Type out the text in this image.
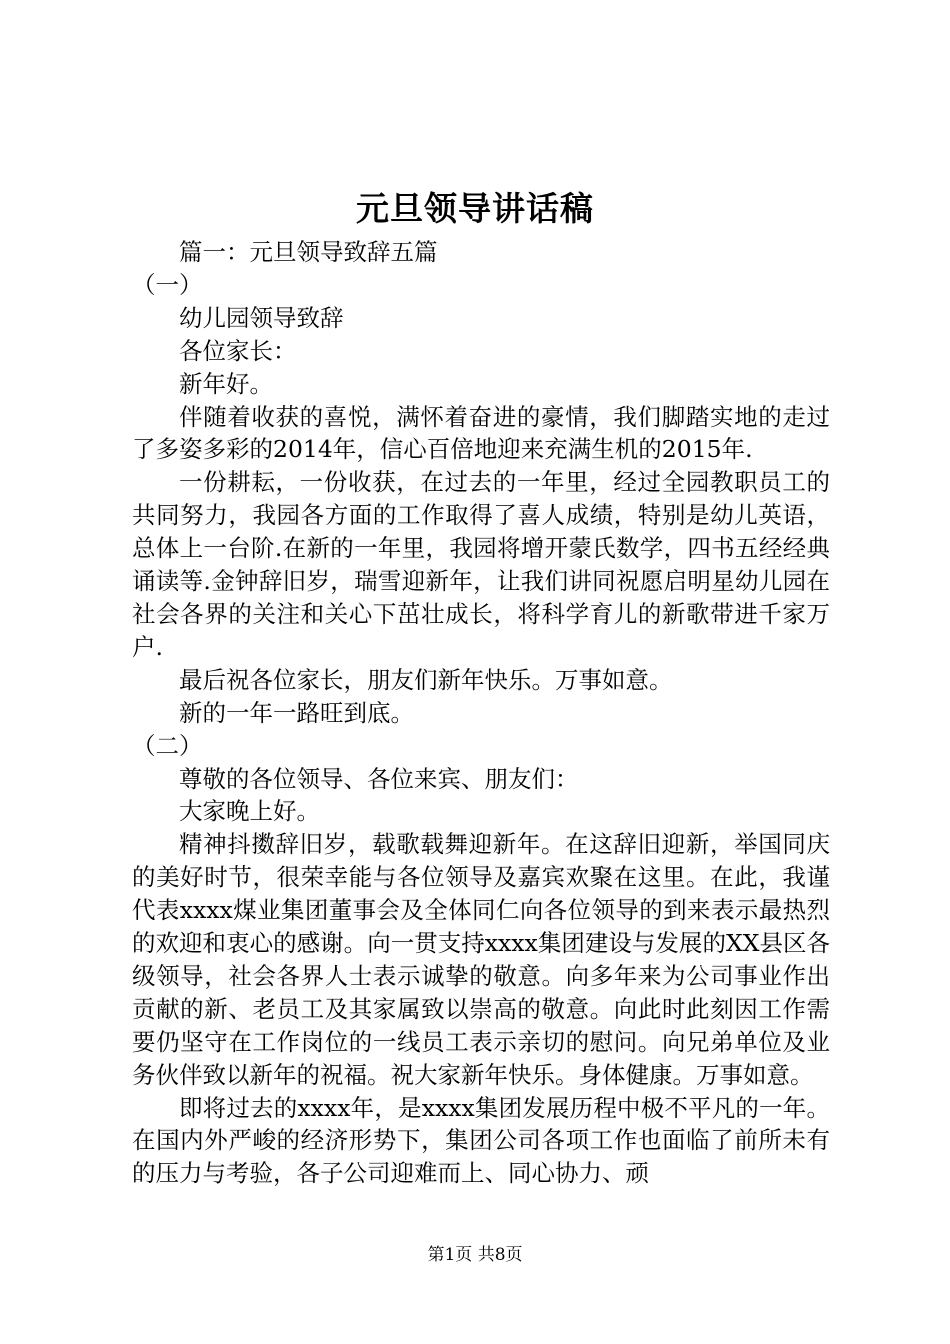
元旦领导讲话稿

篇一：元旦领导致辞五篇

（一）

幼儿园领导致辞

各位家长：

新年好。

伴随着收获的喜悦，满怀着奋进的豪情，我们脚踏实地的走过了多姿多彩的2014年，信心百倍地迎来充满生机的2015年.

一份耕耘，一份收获，在过去的一年里，经过全园教职员工的共同努力，我园各方面的工作取得了喜人成绩，特别是幼儿英语，总体上一台阶.在新的一年里，我园将增开蒙氏数学，四书五经经典诵读等.金钟辞旧岁，瑞雪迎新年，让我们讲同祝愿启明星幼儿园在社会各界的关注和关心下茁壮成长，将科学育儿的新歌带进千家万户.

最后祝各位家长，朋友们新年快乐。万事如意。

新的一年一路旺到底。

（二）

尊敬的各位领导、各位来宾、朋友们：

大家晚上好。

精神抖擞辞旧岁，载歌载舞迎新年。在这辞旧迎新，举国同庆的美好时节，很荣幸能与各位领导及嘉宾欢聚在这里。在此，我谨代表xxxx煤业集团董事会及全体同仁向各位领导的到来表示最热烈的欢迎和衷心的感谢。向一贯支持xxxx集团建设与发展的XX县区各级领导，社会各界人士表示诚挚的敬意。向多年来为公司事业作出贡献的新、老员工及其家属致以崇高的敬意。向此时此刻因工作需要仍坚守在工作岗位的一线员工表示亲切的慰问。向兄弟单位及业务伙伴致以新年的祝福。祝大家新年快乐。身体健康。万事如意。

即将过去的xxxx年，是xxxx集团发展历程中极不平凡的一年。在国内外严峻的经济形势下，集团公司各项工作也面临了前所未有的压力与考验，各子公司迎难而上、同心协力、顽

第1页 共8页
